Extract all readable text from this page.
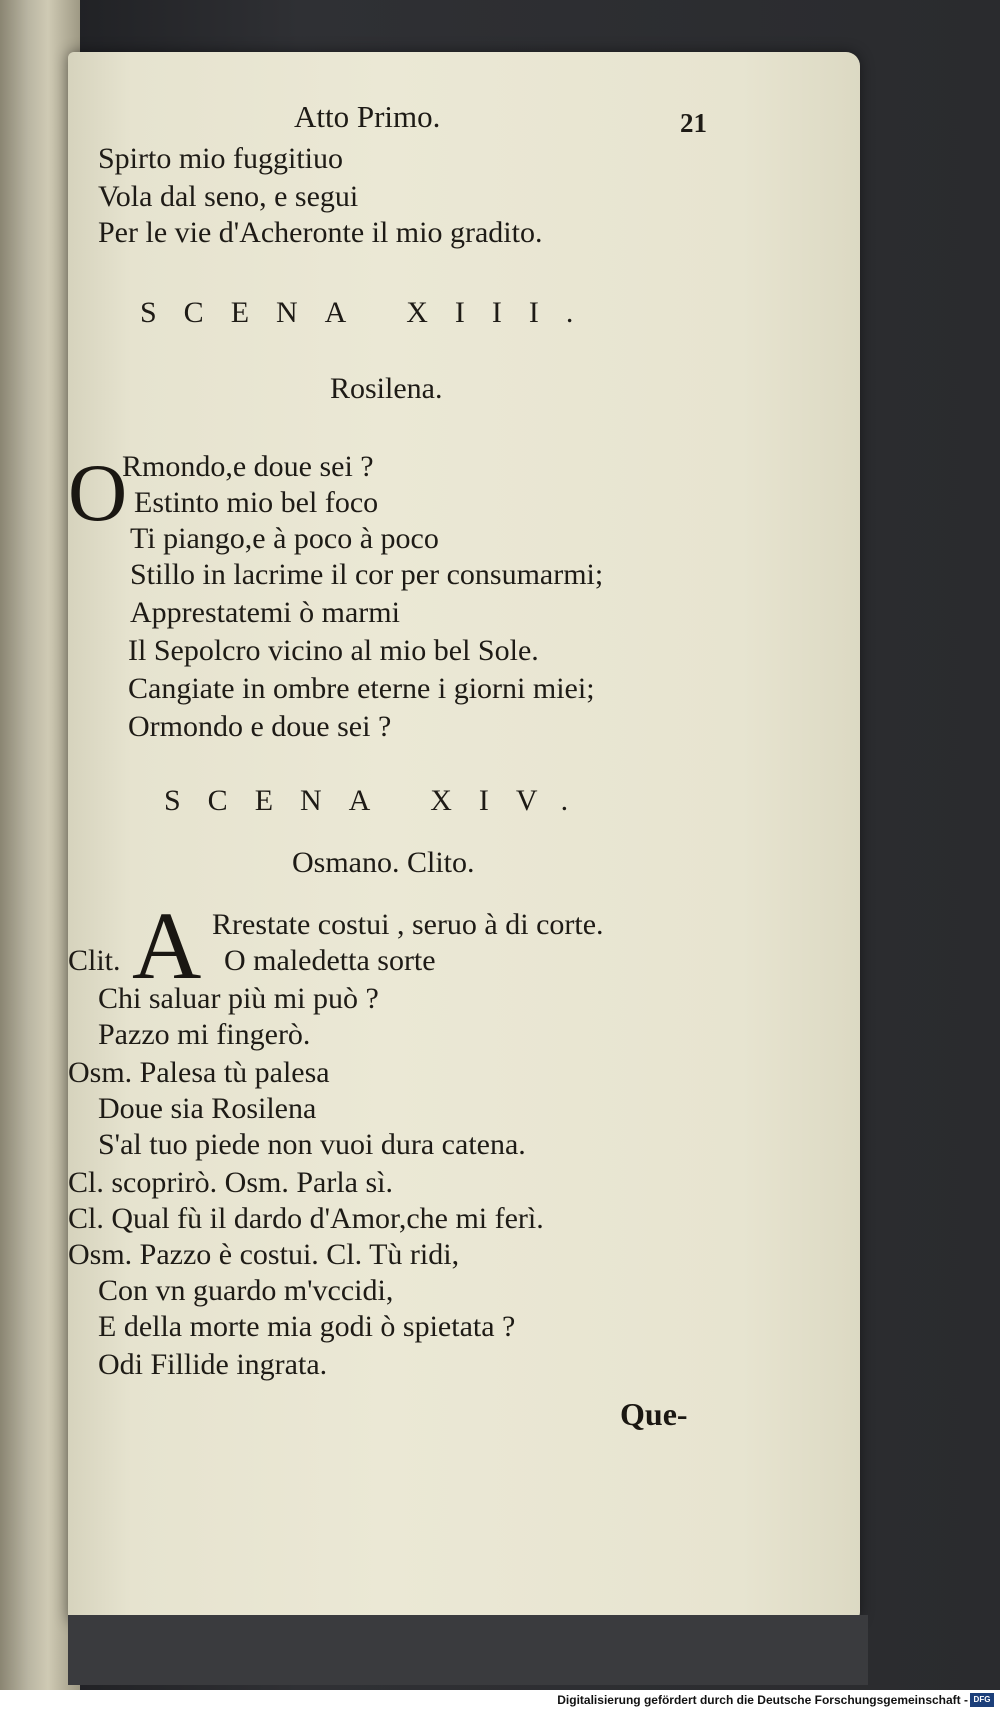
Atto Primo.	21
Spirto mio fuggitiuo
Vola dal seno, e segui
Per le vie d'Acheronte il mio gradito.
SCENA XIII.
Rosilena.
O
Rmondo,e doue sei ?
Estinto mio bel foco
Ti piango,e à poco à poco
Stillo in lacrime il cor per consumarmi;
Apprestatemi ò marmi
Il Sepolcro vicino al mio bel Sole.
Cangiate in ombre eterne i giorni miei;
Ormondo e doue sei ?
SCENA XIV.
Osmano. Clito.
A Rrestate costui , seruo à di corte.
Clit.	O maledetta sorte
Chi saluar più mi può ?
Pazzo mi fingerò.
Osm. Palesa tù palesa
Doue sia Rosilena
S'al tuo piede non vuoi dura catena.
Cl. scoprirò. Osm. Parla sì.
Cl. Qual fù il dardo d'Amor,che mi ferì.
Osm. Pazzo è costui. Cl. Tù ridi,
Con vn guardo m'vccidi,
E della morte mia godi ò spietata ?
Odi Fillide ingrata.
Que-
Digitalisierung gefördert durch die Deutsche Forschungsgemeinschaft - DFG
